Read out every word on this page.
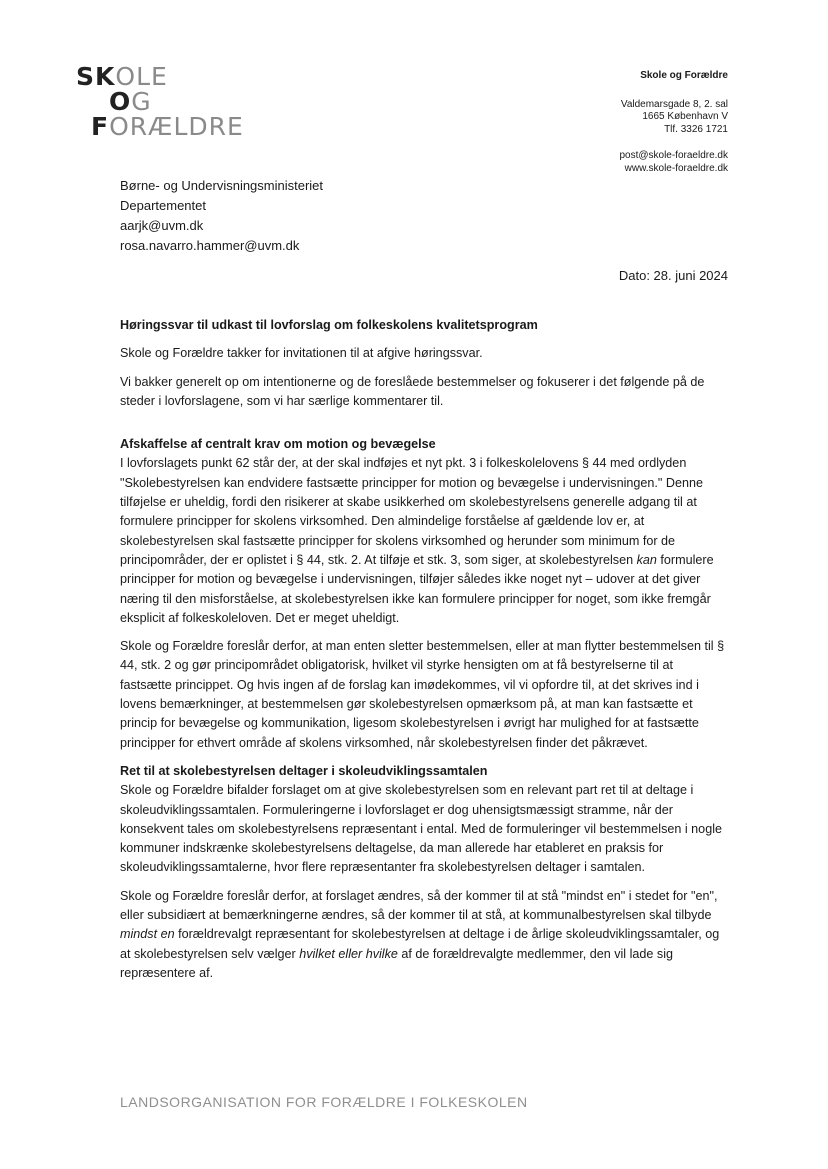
SKOLE
OG
FORÆLDRE
Skole og Forældre
Valdemarsgade 8, 2. sal
1665 København V
Tlf. 3326 1721
post@skole-foraeldre.dk
www.skole-foraeldre.dk
Børne- og Undervisningsministeriet
Departementet
aarjk@uvm.dk
rosa.navarro.hammer@uvm.dk
Dato: 28. juni 2024

Høringssvar til udkast til lovforslag om folkeskolens kvalitetsprogram

Skole og Forældre takker for invitationen til at afgive høringssvar.

Vi bakker generelt op om intentionerne og de foreslåede bestemmelser og fokuserer i det følgende på de steder i lovforslagene, som vi har særlige kommentarer til.

Afskaffelse af centralt krav om motion og bevægelse

I lovforslagets punkt 62 står der, at der skal indføjes et nyt pkt. 3 i folkeskolelovens § 44 med ordlyden "Skolebestyrelsen kan endvidere fastsætte principper for motion og bevægelse i undervisningen." Denne tilføjelse er uheldig, fordi den risikerer at skabe usikkerhed om skolebestyrelsens generelle adgang til at formulere principper for skolens virksomhed. Den almindelige forståelse af gældende lov er, at skolebestyrelsen skal fastsætte principper for skolens virksomhed og herunder som minimum for de principområder, der er oplistet i § 44, stk. 2. At tilføje et stk. 3, som siger, at skolebestyrelsen kan formulere principper for motion og bevægelse i undervisningen, tilføjer således ikke noget nyt – udover at det giver næring til den misforståelse, at skolebestyrelsen ikke kan formulere principper for noget, som ikke fremgår eksplicit af folkeskoleloven. Det er meget uheldigt.

Skole og Forældre foreslår derfor, at man enten sletter bestemmelsen, eller at man flytter bestemmelsen til § 44, stk. 2 og gør principområdet obligatorisk, hvilket vil styrke hensigten om at få bestyrelserne til at fastsætte princippet. Og hvis ingen af de forslag kan imødekommes, vil vi opfordre til, at det skrives ind i lovens bemærkninger, at bestemmelsen gør skolebestyrelsen opmærksom på, at man kan fastsætte et princip for bevægelse og kommunikation, ligesom skolebestyrelsen i øvrigt har mulighed for at fastsætte principper for ethvert område af skolens virksomhed, når skolebestyrelsen finder det påkrævet.

Ret til at skolebestyrelsen deltager i skoleudviklingssamtalen

Skole og Forældre bifalder forslaget om at give skolebestyrelsen som en relevant part ret til at deltage i skoleudviklingssamtalen. Formuleringerne i lovforslaget er dog uhensigtsmæssigt stramme, når der konsekvent tales om skolebestyrelsens repræsentant i ental. Med de formuleringer vil bestemmelsen i nogle kommuner indskrænke skolebestyrelsens deltagelse, da man allerede har etableret en praksis for skoleudviklingssamtalerne, hvor flere repræsentanter fra skolebestyrelsen deltager i samtalen.

Skole og Forældre foreslår derfor, at forslaget ændres, så der kommer til at stå "mindst en" i stedet for "en", eller subsidiært at bemærkningerne ændres, så der kommer til at stå, at kommunalbestyrelsen skal tilbyde mindst en forældrevalgt repræsentant for skolebestyrelsen at deltage i de årlige skoleudviklingssamtaler, og at skolebestyrelsen selv vælger hvilket eller hvilke af de forældrevalgte medlemmer, den vil lade sig repræsentere af.

LANDSORGANISATION FOR FORÆLDRE I FOLKESKOLEN
